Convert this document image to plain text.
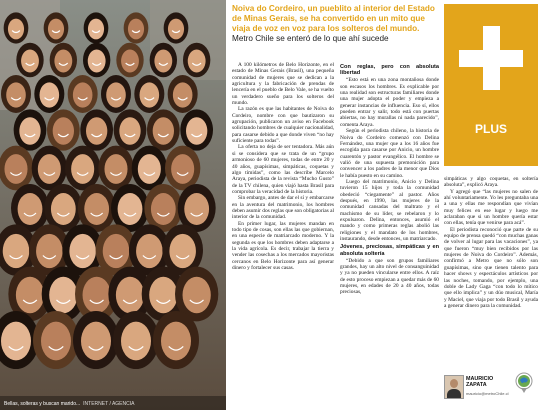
Bellas, solteras y buscan marido... INTERNET / AGENCIA
Noiva do Cordeiro, un pueblito al interior del Estado de Minas Gerais, se ha convertido en un mito que viaja de voz en voz para los solteros del mundo. Metro Chile se enteró de lo que ahí sucede

A 100 kilómetros de Belo Horizonte, en el estado de Minas Gerais (Brasil), una pequeña comunidad de mujeres que se dedican a la agricultura y la fabricación de prendas de lencería en el pueblo de Belo Vale, se ha vuelto un verdadero sueño para los solteros del mundo.

La razón es que las habitantes de Noiva do Cordeiro, nombre con que bautizaron su agrupación, publicaron un aviso en Facebook solicitando hombres de cualquier nacionalidad, para casarse debido a que donde viven “no hay suficiente para todas”.

La oferta no deja de ser tentadora. Más aún si se considera que se trata de un “grupo armonioso de 60 mujeres, todas de entre 20 y 40 años, guapísimas, simpáticas, coquetas y algo tímidas”, como las describe Marcelo Araya, periodista de la revista “Mucho Gusto” de la TV chilena, quien viajó hasta Brasil para comprobar la veracidad de la historia.

Sin embargo, antes de dar el sí y embarcarse en la aventura del matrimonio, los hombres deben asumir dos reglas que son obligatorias al interior de la comunidad.

En primer lugar, las mujeres mandan en todo tipo de cosas, son ellas las que gobiernan, en una especie de matriarcado moderno. Y la segunda es que los hombres deben adaptarse a la vida agrícola. Es decir, trabajar la tierra y vender las cosechas a los mercados mayoristas cercanos en Belo Horizonte para así generar dinero y fortalecer sus casas.

Con reglas, pero con absoluta libertad

“Esto está en una zona montañosa donde son escasos los hombres. Es explicable por una realidad son estructuras familiares donde una mujer adopta el poder y empieza a generar instancias de influencia. Eso sí, ellos pueden entrar y salir, todo está con puertas abiertas, no hay murallas ni nada parecido”, comenta Araya.

Según el periodista chileno, la historia de Noiva do Cordeiro comenzó con Delina Fernández, una mujer que a los 16 años fue escogida para casarse por Anicio, un hombre cuarentón y pastor evangélico. El hombre se valió de una supuesta premonición para convencer a los padres de la menor que Dios le había puesto en su camino.

Luego del matrimonio, Anicio y Delina tuvieron 15 hijos y toda la comunidad obedeció “ciegamente” al pastor. Años después, en 1990, las mujeres de la comunidad cansadas del maltrato y el machismo de su líder, se rebelaron y lo expulsaron. Delina, entonces, asumió el mando y como primeras reglas abolió las religiones y el mandato de los hombres, instaurando, desde entonces, un matriarcado.

Jóvenes, preciosas, simpáticas y en absoluta soltería

“Debido a que son grupos familiares grandes, hay un alto nivel de consanguinidad y ya no pueden vincularse entre ellos. A raíz de esto proceso empiezan a quedar más de 60 mujeres, en edades de 20 a 40 años, todas preciosas,

PLUS

simpáticas y algo coquetas, en soltería absoluta”, explicó Araya.

Y agregó que “las mujeres no salen de ahí voluntariamente. Yo les preguntaba una a una y ellas me respondían que vivían muy felices en ese lugar y luego me aclaraban que si un hombre quería estar con ellas, tenía que venirse para acá”.

El periodista reconoció que parte de su equipo de prensa quedó “con muchas ganas de volver al lugar para las vacaciones”, ya que fueron “muy bien recibidos por las mujeres de Noiva do Cordeiro”. Además, confirmó a Metro que no sólo son guapísimas, sino que tienen talento para hacer shows y espectáculos artísticos por las noches, tomando, por ejemplo, una doble de Lady Gaga “con todo lo mítico que ello implica” y un dúo musical, María y Maciel, que viaja por todo Brasil y ayuda a generar dinero para la comunidad.

MAURICIO
ZAPATA
mauricio@metroChile.cl
